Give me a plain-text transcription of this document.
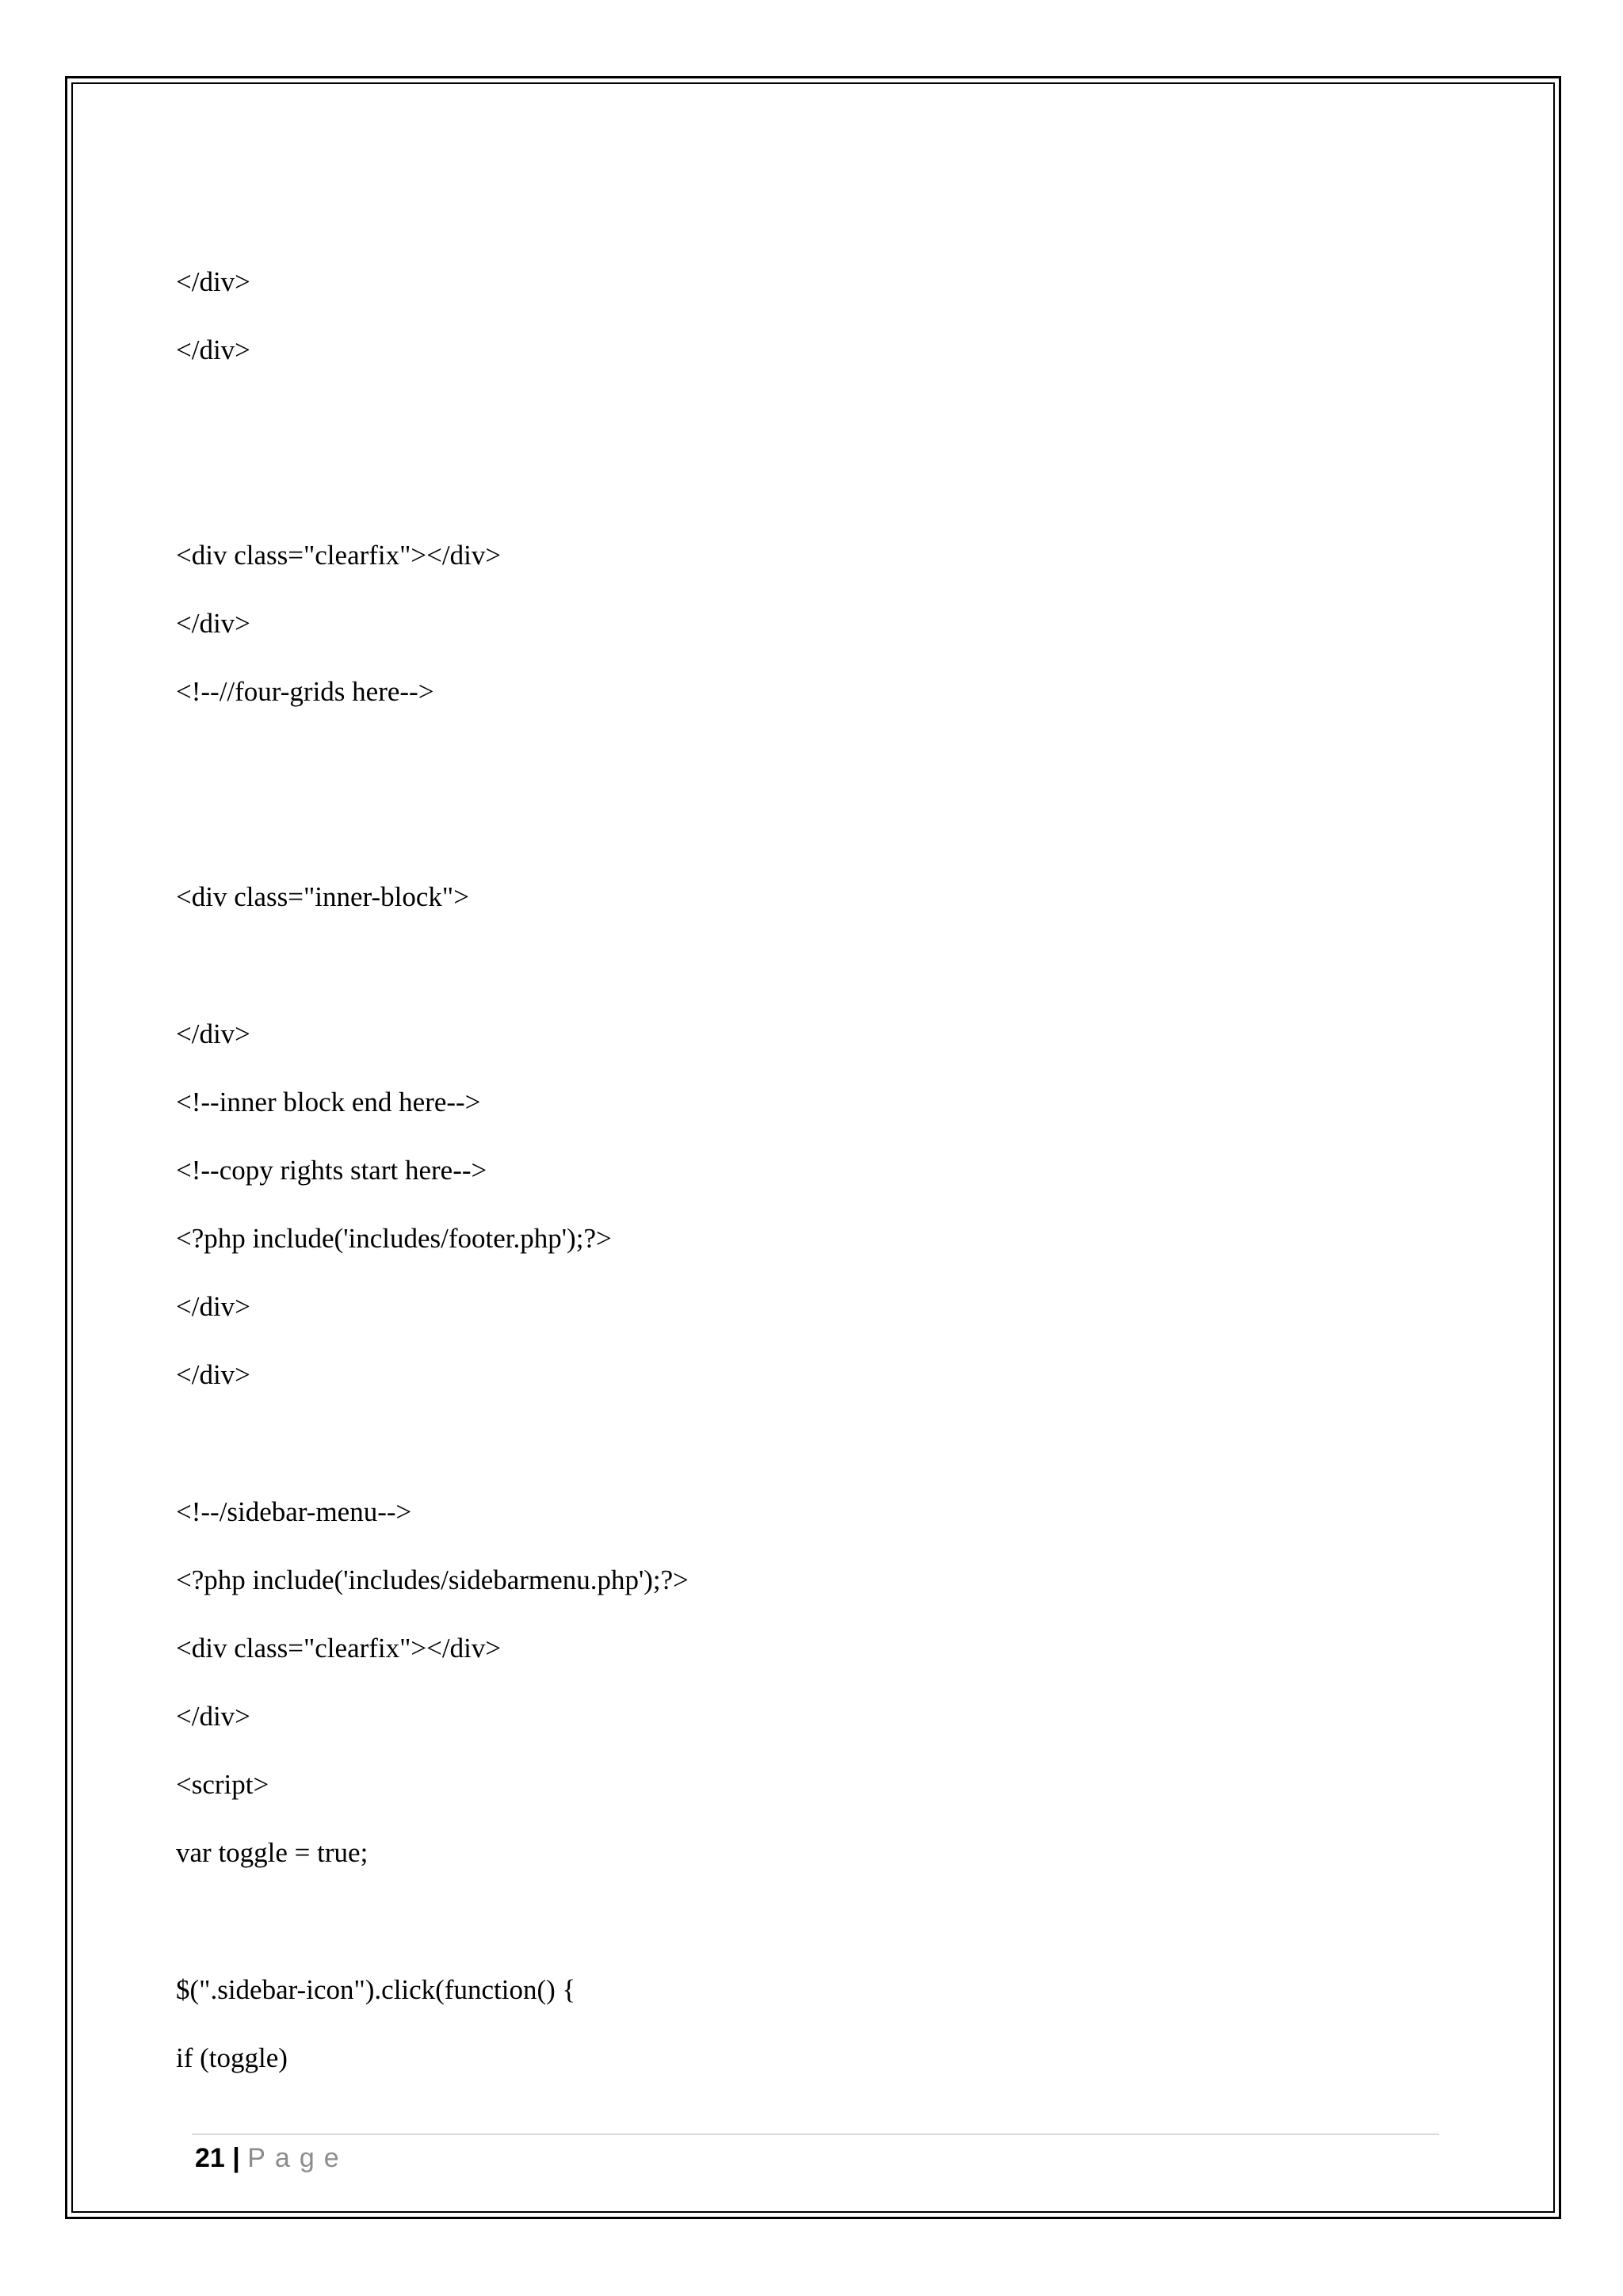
</div>

</div>

<div class="clearfix"></div>

</div>

<!--//four-grids here-->

<div class="inner-block">

</div>

<!--inner block end here-->

<!--copy rights start here-->

<?php include('includes/footer.php');?>

</div>

</div>

<!--/sidebar-menu-->

<?php include('includes/sidebarmenu.php');?>

<div class="clearfix"></div>

</div>

<script>

var toggle = true;

$(".sidebar-icon").click(function() {

if (toggle)

21 | Page
